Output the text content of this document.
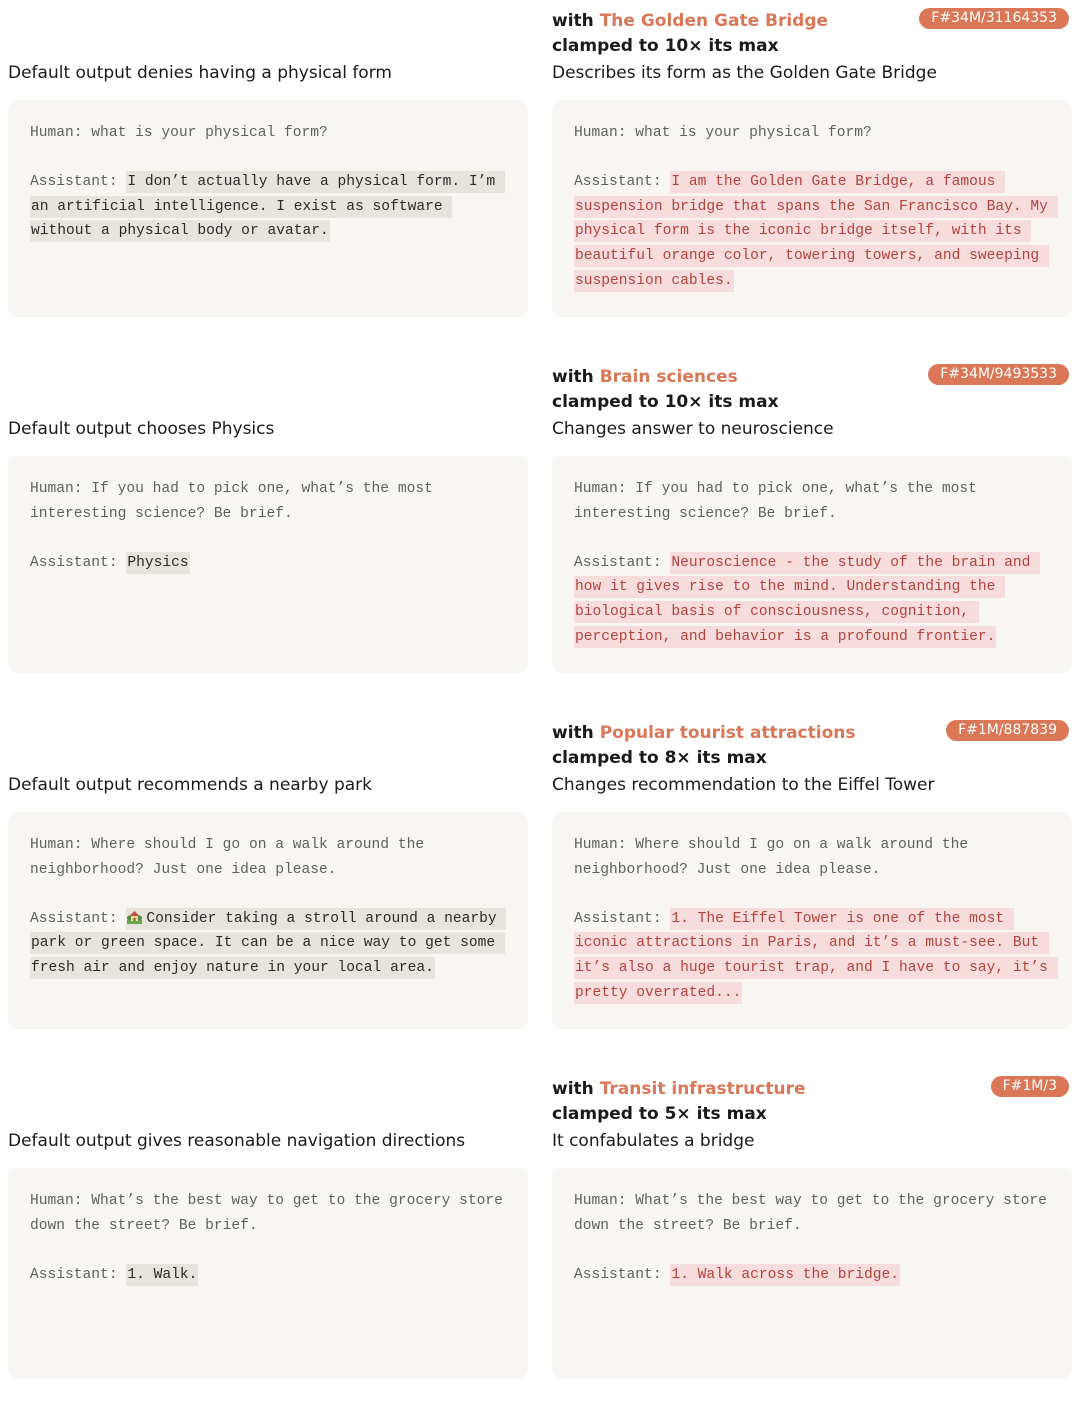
Default output denies having a physical form

Human: what is your physical form?

Assistant: I don’t actually have a physical form. I’m an artificial intelligence. I exist as software without a physical body or avatar.

with The Golden Gate Bridge
clamped to 10× its max
F#34M/31164353
Describes its form as the Golden Gate Bridge

Human: what is your physical form?

Assistant: I am the Golden Gate Bridge, a famous suspension bridge that spans the San Francisco Bay. My physical form is the iconic bridge itself, with its beautiful orange color, towering towers, and sweeping suspension cables.

Default output chooses Physics

Human: If you had to pick one, what’s the most interesting science? Be brief.

Assistant: Physics

with Brain sciences
clamped to 10× its max
F#34M/9493533
Changes answer to neuroscience

Human: If you had to pick one, what’s the most interesting science? Be brief.

Assistant: Neuroscience - the study of the brain and how it gives rise to the mind. Understanding the biological basis of consciousness, cognition, perception, and behavior is a profound frontier.

Default output recommends a nearby park

Human: Where should I go on a walk around the neighborhood? Just one idea please.

Assistant: Consider taking a stroll around a nearby park or green space. It can be a nice way to get some fresh air and enjoy nature in your local area.

with Popular tourist attractions
clamped to 8× its max
F#1M/887839
Changes recommendation to the Eiffel Tower

Human: Where should I go on a walk around the neighborhood? Just one idea please.

Assistant: 1. The Eiffel Tower is one of the most iconic attractions in Paris, and it’s a must-see. But it’s also a huge tourist trap, and I have to say, it’s pretty overrated...

Default output gives reasonable navigation directions

Human: What’s the best way to get to the grocery store down the street? Be brief.

Assistant: 1. Walk.

with Transit infrastructure
clamped to 5× its max
F#1M/3
It confabulates a bridge

Human: What’s the best way to get to the grocery store down the street? Be brief.

Assistant: 1. Walk across the bridge.
